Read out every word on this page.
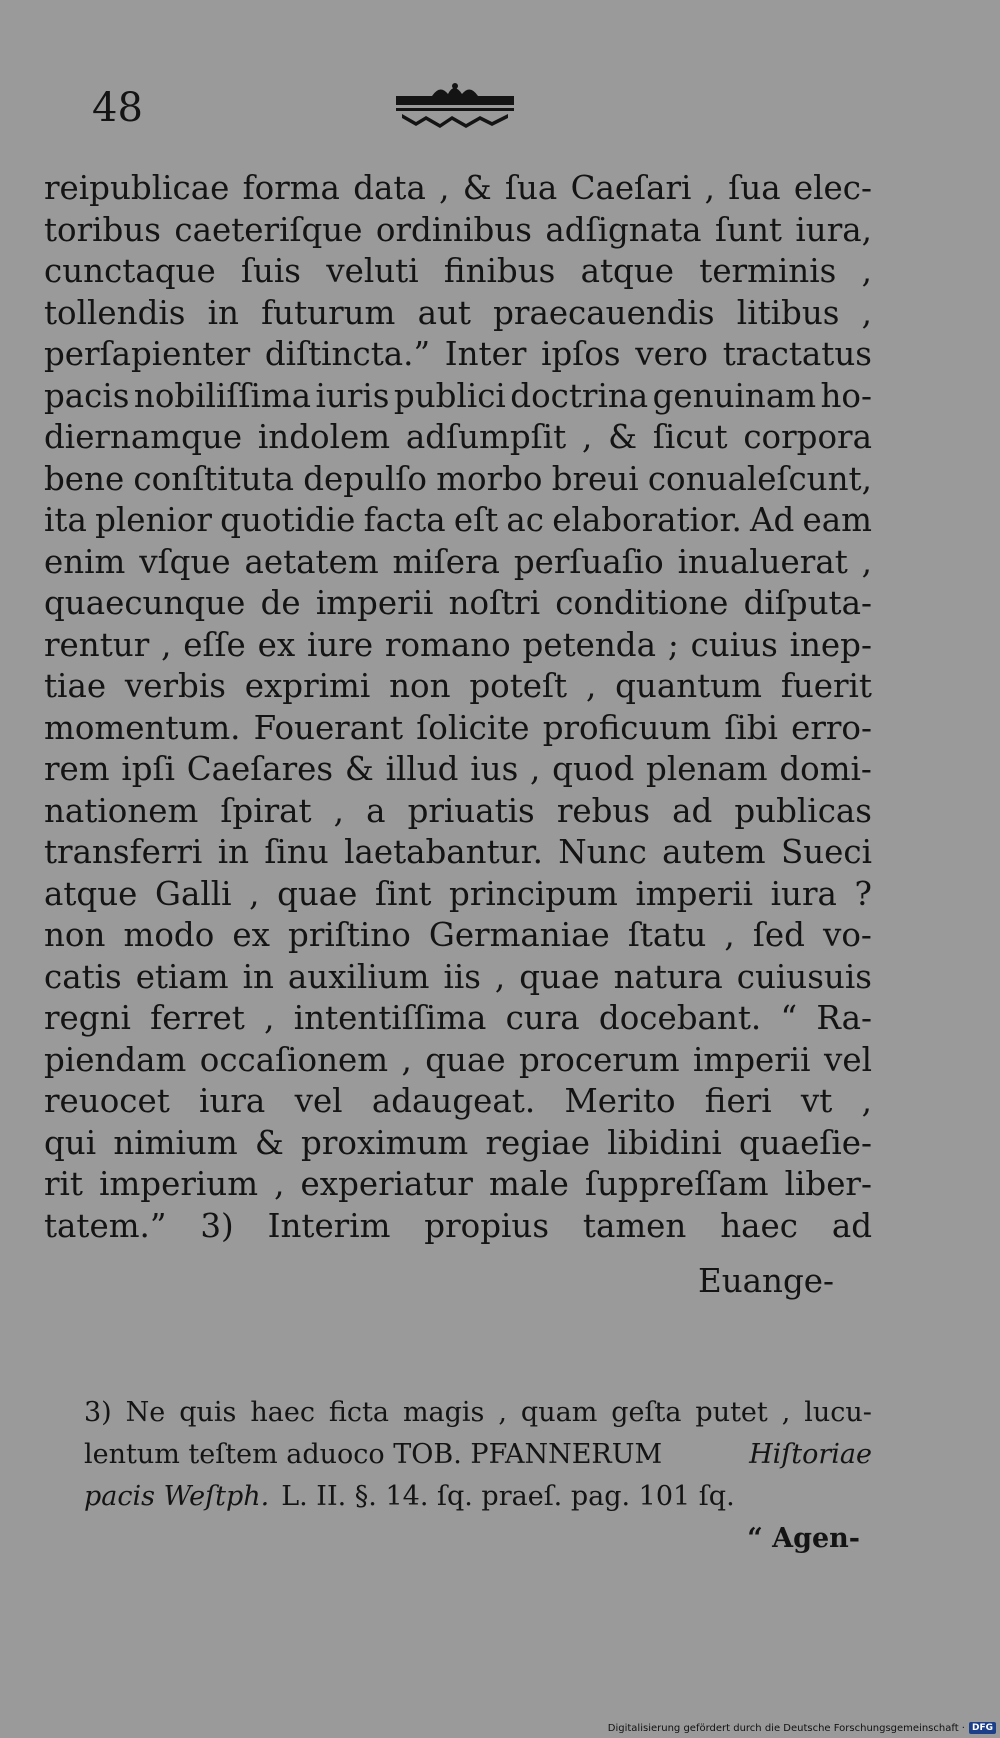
48
reipublicae forma data , & ſua Caeſari , ſua elec-
toribus caeteriſque ordinibus adſignata ſunt iura,
cunctaque ſuis veluti finibus atque terminis ,
tollendis in futurum aut praecauendis litibus ,
perſapienter diſtincta.” Inter ipſos vero tractatus
pacis nobiliſſima iuris publici doctrina genuinam ho-
diernamque indolem adſumpſit , & ſicut corpora
bene conſtituta depulſo morbo breui conualeſcunt,
ita plenior quotidie facta eſt ac elaboratior. Ad eam
enim vſque aetatem miſera perſuaſio inualuerat ,
quaecunque de imperii noſtri conditione diſputa-
rentur , eſſe ex iure romano petenda ; cuius inep-
tiae verbis exprimi non poteſt , quantum fuerit
momentum. Fouerant ſolicite proficuum ſibi erro-
rem ipſi Caeſares & illud ius , quod plenam domi-
nationem ſpirat , a priuatis rebus ad publicas
transferri in ſinu laetabantur. Nunc autem Sueci
atque Galli , quae ſint principum imperii iura ?
non modo ex priſtino Germaniae ſtatu , ſed vo-
catis etiam in auxilium iis , quae natura cuiusuis
regni ferret , intentiſſima cura docebant. “ Ra-
piendam occaſionem , quae procerum imperii vel
reuocet iura vel adaugeat. Merito fieri vt ,
qui nimium & proximum regiae libidini quaeſie-
rit imperium , experiatur male ſuppreſſam liber-
tatem.” 3) Interim propius tamen haec ad
Euange-
3) Ne quis haec ficta magis , quam geſta putet , lucu-
lentum teſtem aduoco TOB. PFANNERUM	Hiſtoriae
pacis Weſtph. L. II. §. 14. ſq. praeſ. pag. 101 ſq.
“ Agen-
Digitalisierung gefördert durch die Deutsche Forschungsgemeinschaft · DFG
